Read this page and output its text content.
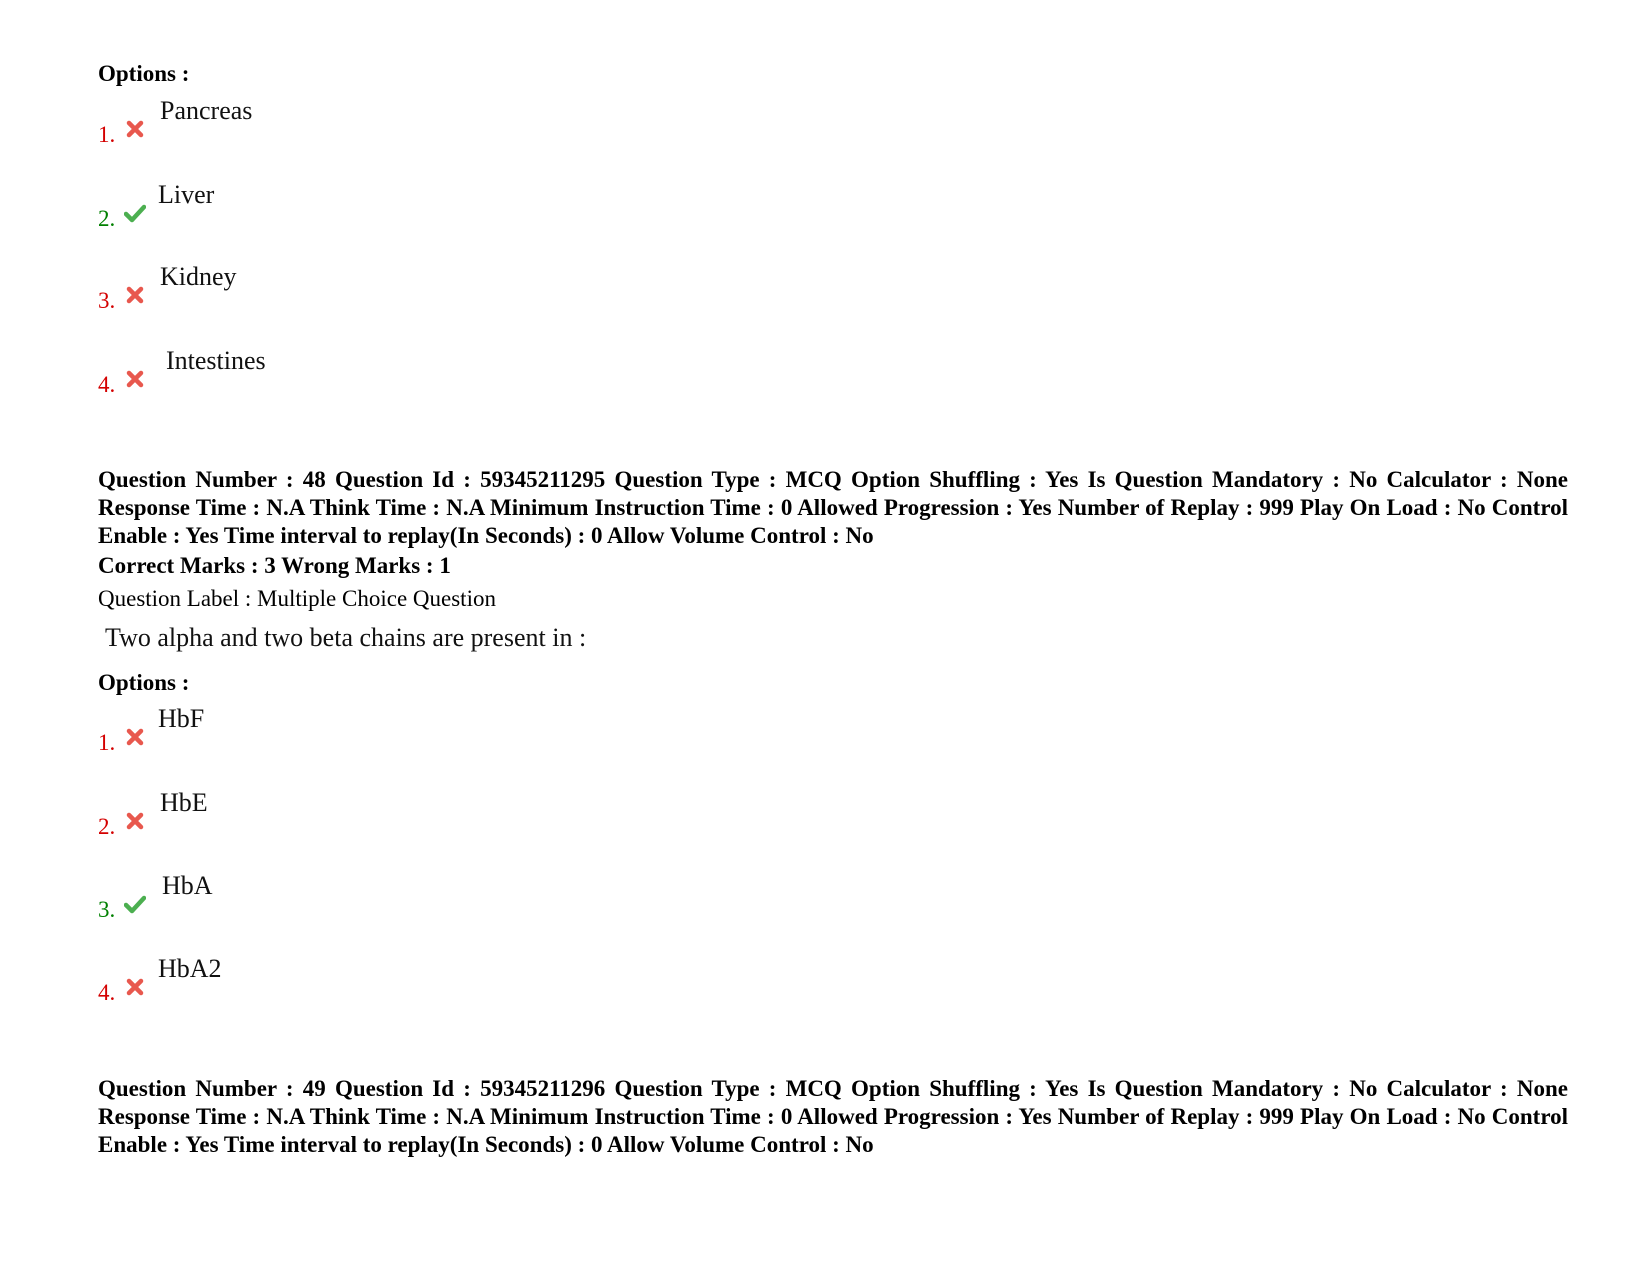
Options :
1.
Pancreas
2.
Liver
3.
Kidney
4.
Intestines
Question Number : 48 Question Id : 59345211295 Question Type : MCQ Option Shuffling : Yes Is Question Mandatory : No Calculator : None Response Time : N.A Think Time : N.A Minimum Instruction Time : 0 Allowed Progression : Yes Number of Replay : 999 Play On Load : No Control Enable : Yes Time interval to replay(In Seconds) : 0 Allow Volume Control : No
Correct Marks : 3 Wrong Marks : 1
Question Label : Multiple Choice Question
Two alpha and two beta chains are present in :
Options :
1.
HbF
2.
HbE
3.
HbA
4.
HbA2
Question Number : 49 Question Id : 59345211296 Question Type : MCQ Option Shuffling : Yes Is Question Mandatory : No Calculator : None Response Time : N.A Think Time : N.A Minimum Instruction Time : 0 Allowed Progression : Yes Number of Replay : 999 Play On Load : No Control Enable : Yes Time interval to replay(In Seconds) : 0 Allow Volume Control : No
